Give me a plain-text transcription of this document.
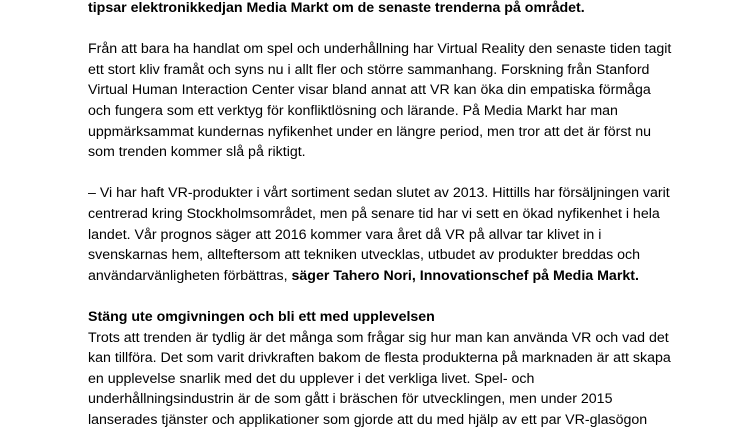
tipsar elektronikkedjan Media Markt om de senaste trenderna på området.
Från att bara ha handlat om spel och underhållning har Virtual Reality den senaste tiden tagit
ett stort kliv framåt och syns nu i allt fler och större sammanhang. Forskning från Stanford
Virtual Human Interaction Center visar bland annat att VR kan öka din empatiska förmåga
och fungera som ett verktyg för konfliktlösning och lärande. På Media Markt har man
uppmärksammat kundernas nyfikenhet under en längre period, men tror att det är först nu
som trenden kommer slå på riktigt.
– Vi har haft VR-produkter i vårt sortiment sedan slutet av 2013. Hittills har försäljningen varit
centrerad kring Stockholmsområdet, men på senare tid har vi sett en ökad nyfikenhet i hela
landet. Vår prognos säger att 2016 kommer vara året då VR på allvar tar klivet in i
svenskarnas hem, allteftersom att tekniken utvecklas, utbudet av produkter breddas och
användarvänligheten förbättras, säger Tahero Nori, Innovationschef på Media Markt.
Stäng ute omgivningen och bli ett med upplevelsen
Trots att trenden är tydlig är det många som frågar sig hur man kan använda VR och vad det
kan tillföra. Det som varit drivkraften bakom de flesta produkterna på marknaden är att skapa
en upplevelse snarlik med det du upplever i det verkliga livet. Spel- och
underhållningsindustrin är de som gått i bräschen för utvecklingen, men under 2015
lanserades tjänster och applikationer som gjorde att du med hjälp av ett par VR-glasögon
